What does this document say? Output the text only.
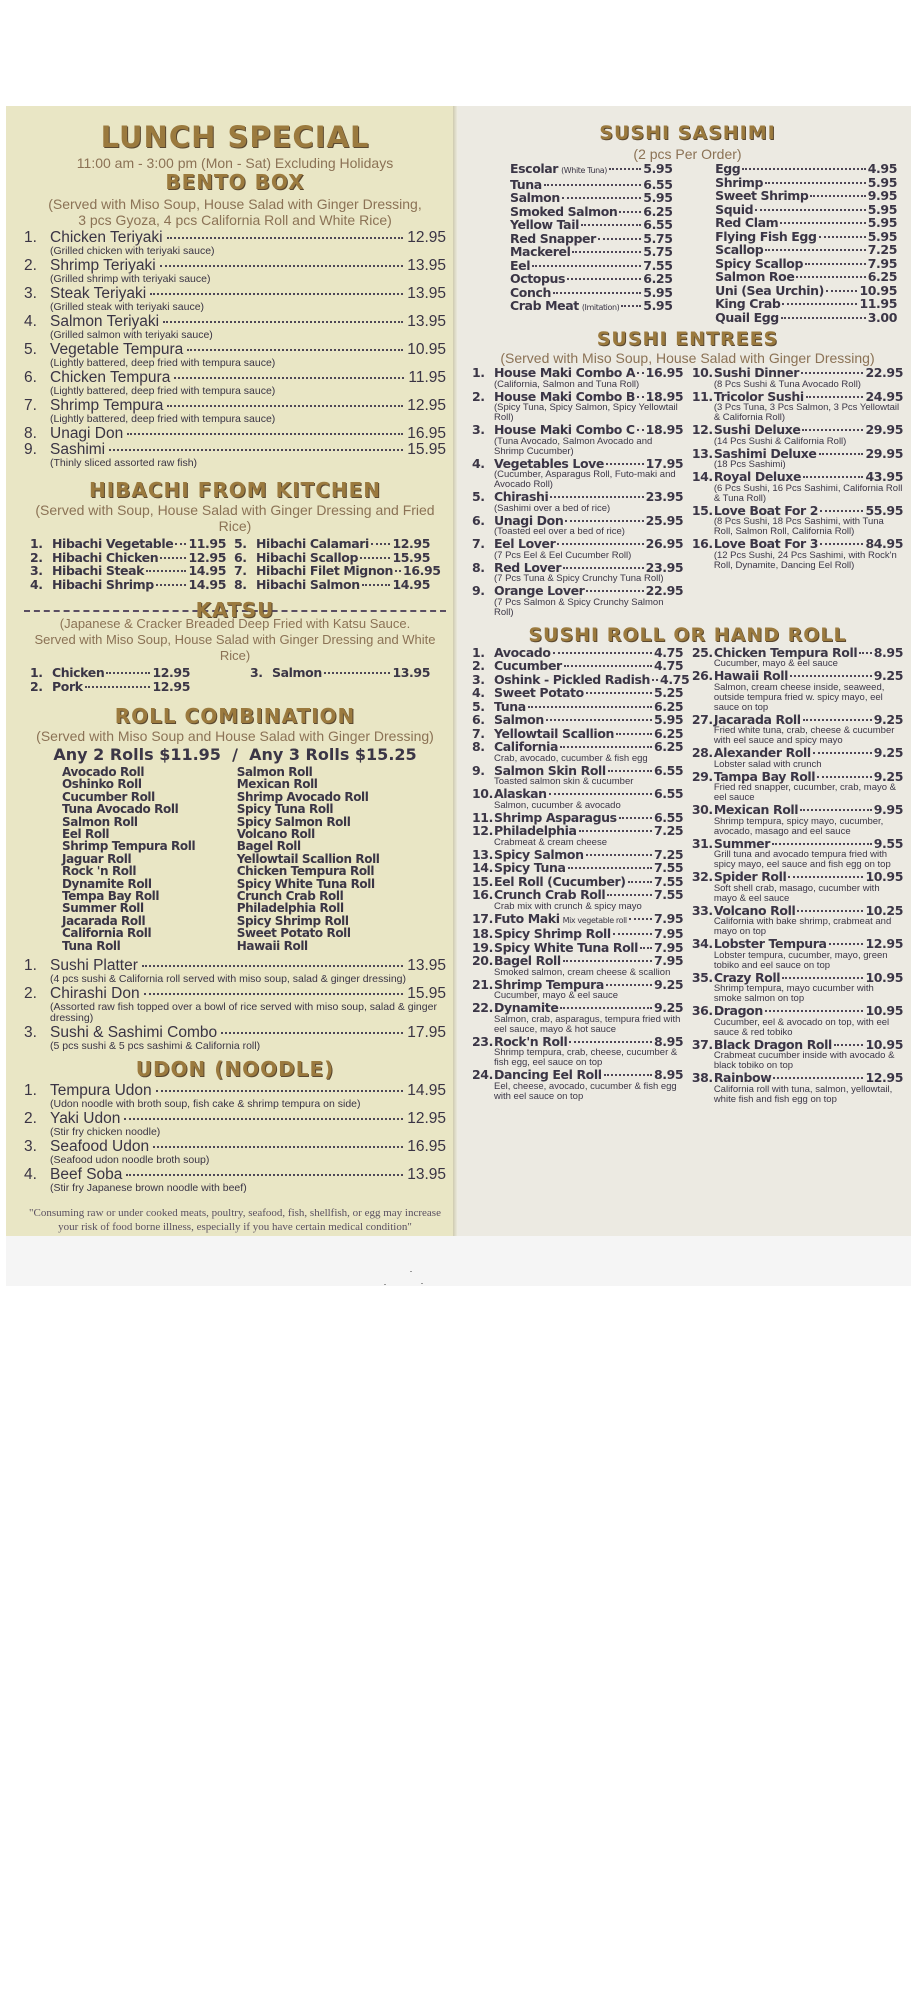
LUNCH SPECIAL
11:00 am - 3:00 pm (Mon - Sat) Excluding Holidays
BENTO BOX
(Served with Miso Soup, House Salad with Ginger Dressing,
3 pcs Gyoza, 4 pcs California Roll and White Rice)
1. Chicken Teriyaki	12.95
(Grilled chicken with teriyaki sauce)
2. Shrimp Teriyaki	13.95
(Grilled shrimp with teriyaki sauce)
3. Steak Teriyaki	13.95
(Grilled steak with teriyaki sauce)
4. Salmon Teriyaki	13.95
(Grilled salmon with teriyaki sauce)
5. Vegetable Tempura	10.95
(Lightly battered, deep fried with tempura sauce)
6. Chicken Tempura	11.95
(Lightly battered, deep fried with tempura sauce)
7. Shrimp Tempura	12.95
(Lightly battered, deep fried with tempura sauce)
8. Unagi Don	16.95
9. Sashimi	15.95
(Thinly sliced assorted raw fish)
HIBACHI FROM KITCHEN
(Served with Soup, House Salad with Ginger Dressing and Fried Rice)
1. Hibachi Vegetable 11.95
2. Hibachi Chicken 12.95
3. Hibachi Steak	14.95
4. Hibachi Shrimp	14.95
5. Hibachi Calamari 12.95
6. Hibachi Scallop	15.95
7. Hibachi Filet Mignon 16.95
8. Hibachi Salmon	14.95
KATSU
(Japanese & Cracker Breaded Deep Fried with Katsu Sauce.
Served with Miso Soup, House Salad with Ginger Dressing and White Rice)
1. Chicken	12.95
2. Pork	12.95
3. Salmon	13.95
ROLL COMBINATION
(Served with Miso Soup and House Salad with Ginger Dressing)
Any 2 Rolls $11.95  /  Any 3 Rolls $15.25
Avocado Roll
Oshinko Roll
Cucumber Roll
Tuna Avocado Roll
Salmon Roll
Eel Roll
Shrimp Tempura Roll
Jaguar Roll
Rock 'n Roll
Dynamite Roll
Tempa Bay Roll
Summer Roll
Jacarada Roll
California Roll
Tuna Roll
Salmon Roll
Mexican Roll
Shrimp Avocado Roll
Spicy Tuna Roll
Spicy Salmon Roll
Volcano Roll
Bagel Roll
Yellowtail Scallion Roll
Chicken Tempura Roll
Spicy White Tuna Roll
Crunch Crab Roll
Philadelphia Roll
Spicy Shrimp Roll
Sweet Potato Roll
Hawaii Roll
1. Sushi Platter	13.95
(4 pcs sushi & California roll served with miso soup, salad & ginger dressing)
2. Chirashi Don	15.95
(Assorted raw fish topped over a bowl of rice served with miso soup, salad & ginger dressing)
3. Sushi & Sashimi Combo	17.95
(5 pcs sushi & 5 pcs sashimi & California roll)
UDON (NOODLE)
1. Tempura Udon	14.95
(Udon noodle with broth soup, fish cake & shrimp tempura on side)
2. Yaki Udon	12.95
(Stir fry chicken noodle)
3. Seafood Udon	16.95
(Seafood udon noodle broth soup)
4. Beef Soba	13.95
(Stir fry Japanese brown noodle with beef)
"Consuming raw or under cooked meats, poultry, seafood, fish, shellfish, or egg may increase your risk of food borne illness, especially if you have certain medical condition"
SUSHI SASHIMI
(2 pcs Per Order)
Escolar (White Tuna)	5.95
Tuna	6.55
Salmon	5.95
Smoked Salmon 6.25
Yellow Tail	6.55
Red Snapper	5.75
Mackerel	5.75
Eel	7.55
Octopus	6.25
Conch	5.95
Crab Meat (Imitation) 5.95
Egg	4.95
Shrimp	5.95
Sweet Shrimp	9.95
Squid	5.95
Red Clam	5.95
Flying Fish Egg	5.95
Scallop	7.25
Spicy Scallop	7.95
Salmon Roe	6.25
Uni (Sea Urchin)	10.95
King Crab	11.95
Quail Egg	3.00
SUSHI ENTREES
(Served with Miso Soup, House Salad with Ginger Dressing)
1. House Maki Combo A 16.95
(California, Salmon and Tuna Roll)
2. House Maki Combo B 18.95
(Spicy Tuna, Spicy Salmon, Spicy Yellowtail Roll)
3. House Maki Combo C 18.95
(Tuna Avocado, Salmon Avocado and Shrimp Cucumber)
4. Vegetables Love	17.95
(Cucumber, Asparagus Roll, Futo-maki and Avocado Roll)
5. Chirashi	23.95
(Sashimi over a bed of rice)
6. Unagi Don	25.95
(Toasted eel over a bed of rice)
7. Eel Lover	26.95
(7 Pcs Eel & Eel Cucumber Roll)
8. Red Lover	23.95
(7 Pcs Tuna & Spicy Crunchy Tuna Roll)
9. Orange Lover	22.95
(7 Pcs Salmon & Spicy Crunchy Salmon Roll)
10. Sushi Dinner	22.95
(8 Pcs Sushi & Tuna Avocado Roll)
11. Tricolor Sushi	24.95
(3 Pcs Tuna, 3 Pcs Salmon, 3 Pcs Yellowtail & California Roll)
12. Sushi Deluxe	29.95
(14 Pcs Sushi & California Roll)
13. Sashimi Deluxe	29.95
(18 Pcs Sashimi)
14. Royal Deluxe	43.95
(6 Pcs Sushi, 16 Pcs Sashimi, California Roll & Tuna Roll)
15. Love Boat For 2	55.95
(8 Pcs Sushi, 18 Pcs Sashimi, with Tuna Roll, Salmon Roll, California Roll)
16. Love Boat For 3	84.95
(12 Pcs Sushi, 24 Pcs Sashimi, with Rock'n Roll, Dynamite, Dancing Eel Roll)
SUSHI ROLL OR HAND ROLL
1. Avocado	4.75
2. Cucumber	4.75
3. Oshink - Pickled Radish 4.75
4. Sweet Potato	5.25
5. Tuna	6.25
6. Salmon	5.95
7. Yellowtail Scallion	6.25
8. California	6.25
Crab, avocado, cucumber & fish egg
9. Salmon Skin Roll	6.55
Toasted salmon skin & cucumber
10. Alaskan	6.55
Salmon, cucumber & avocado
11. Shrimp Asparagus	6.55
12. Philadelphia	7.25
Crabmeat & cream cheese
13. Spicy Salmon	7.25
14. Spicy Tuna	7.55
15. Eel Roll (Cucumber) 7.55
16. Crunch Crab Roll	7.55
Crab mix with crunch & spicy mayo
17. Futo Maki Mix vegetable roll 7.95
18. Spicy Shrimp Roll	7.95
19. Spicy White Tuna Roll 7.95
20. Bagel Roll	7.95
Smoked salmon, cream cheese & scallion
21. Shrimp Tempura	9.25
Cucumber, mayo & eel sauce
22. Dynamite	9.25
Salmon, crab, asparagus, tempura fried with eel sauce, mayo & hot sauce
23. Rock'n Roll	8.95
Shrimp tempura, crab, cheese, cucumber & fish egg, eel sauce on top
24. Dancing Eel Roll	8.95
Eel, cheese, avocado, cucumber & fish egg with eel sauce on top
25. Chicken Tempura Roll 8.95
Cucumber, mayo & eel sauce
26. Hawaii Roll	9.25
Salmon, cream cheese inside, seaweed, outside tempura fried w. spicy mayo, eel sauce on top
27. Jacarada Roll	9.25
Fried white tuna, crab, cheese & cucumber with eel sauce and spicy mayo
28. Alexander Roll	9.25
Lobster salad with crunch
29. Tampa Bay Roll	9.25
Fried red snapper, cucumber, crab, mayo & eel sauce
30. Mexican Roll	9.95
Shrimp tempura, spicy mayo, cucumber, avocado, masago and eel sauce
31. Summer	9.55
Grill tuna and avocado tempura fried with spicy mayo, eel sauce and fish egg on top
32. Spider Roll	10.95
Soft shell crab, masago, cucumber with mayo & eel sauce
33. Volcano Roll	10.25
California with bake shrimp, crabmeat and mayo on top
34. Lobster Tempura	12.95
Lobster tempura, cucumber, mayo, green tobiko and eel sauce on top
35. Crazy Roll	10.95
Shrimp tempura, mayo cucumber with smoke salmon on top
36. Dragon	10.95
Cucumber, eel & avocado on top, with eel sauce & red tobiko
37. Black Dragon Roll	10.95
Crabmeat cucumber inside with avocado & black tobiko on top
38. Rainbow	12.95
California roll with tuna, salmon, yellowtail, white fish and fish egg on top
